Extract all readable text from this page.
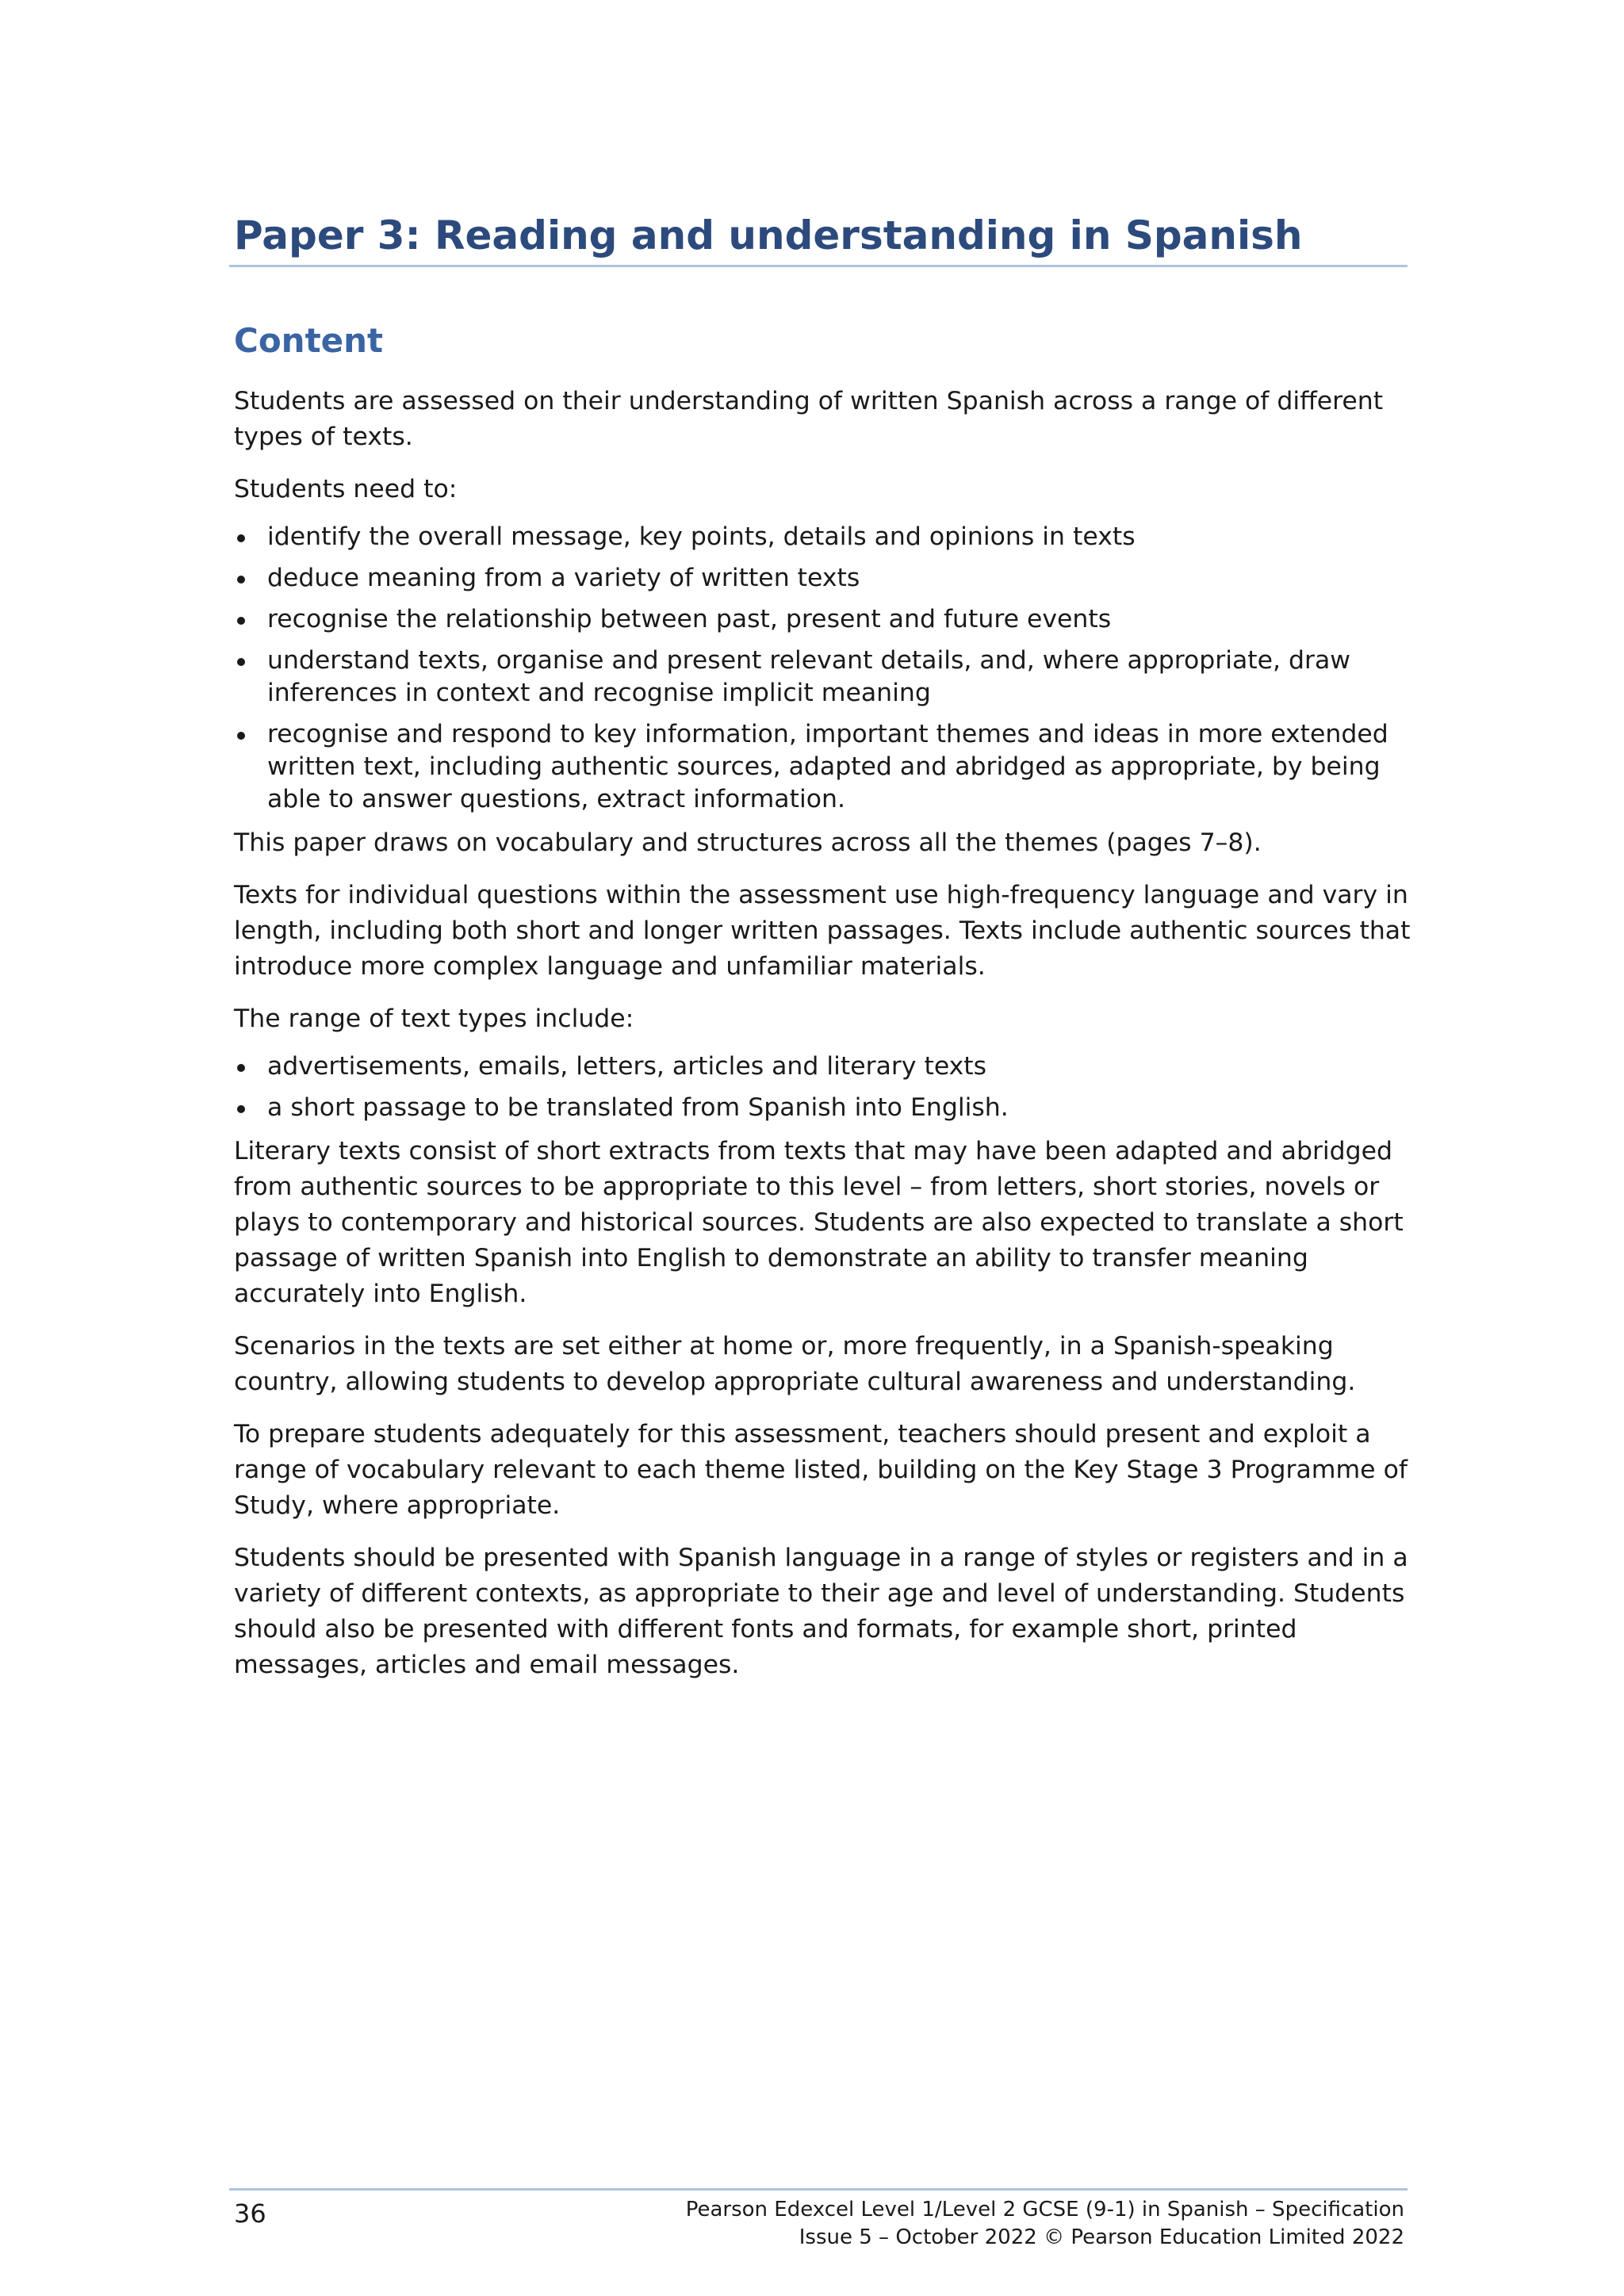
Paper 3: Reading and understanding in Spanish
Content

Students are assessed on their understanding of written Spanish across a range of different types of texts.

Students need to:

identify the overall message, key points, details and opinions in texts
deduce meaning from a variety of written texts
recognise the relationship between past, present and future events
understand texts, organise and present relevant details, and, where appropriate, draw inferences in context and recognise implicit meaning
recognise and respond to key information, important themes and ideas in more extended written text, including authentic sources, adapted and abridged as appropriate, by being able to answer questions, extract information.

This paper draws on vocabulary and structures across all the themes (pages 7–8).

Texts for individual questions within the assessment use high-frequency language and vary in length, including both short and longer written passages. Texts include authentic sources that introduce more complex language and unfamiliar materials.

The range of text types include:

advertisements, emails, letters, articles and literary texts
a short passage to be translated from Spanish into English.

Literary texts consist of short extracts from texts that may have been adapted and abridged from authentic sources to be appropriate to this level – from letters, short stories, novels or plays to contemporary and historical sources. Students are also expected to translate a short passage of written Spanish into English to demonstrate an ability to transfer meaning accurately into English.

Scenarios in the texts are set either at home or, more frequently, in a Spanish-speaking country, allowing students to develop appropriate cultural awareness and understanding.

To prepare students adequately for this assessment, teachers should present and exploit a range of vocabulary relevant to each theme listed, building on the Key Stage 3 Programme of Study, where appropriate.

Students should be presented with Spanish language in a range of styles or registers and in a variety of different contexts, as appropriate to their age and level of understanding. Students should also be presented with different fonts and formats, for example short, printed messages, articles and email messages.

36	Pearson Edexcel Level 1/Level 2 GCSE (9-1) in Spanish – Specification
Issue 5 – October 2022 © Pearson Education Limited 2022
